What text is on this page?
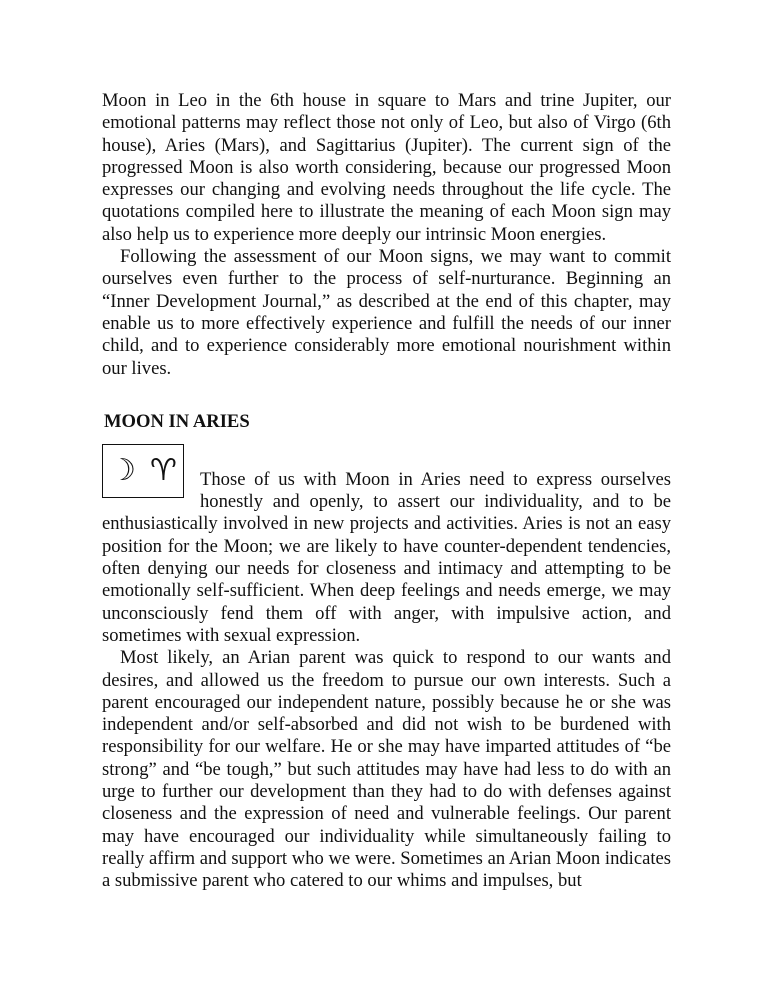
Moon in Leo in the 6th house in square to Mars and trine Jupiter, our emotional patterns may reflect those not only of Leo, but also of Virgo (6th house), Aries (Mars), and Sagittarius (Jupiter). The current sign of the progressed Moon is also worth considering, because our progressed Moon expresses our changing and evolving needs throughout the life cycle. The quotations compiled here to illustrate the meaning of each Moon sign may also help us to experience more deeply our intrinsic Moon energies.

Following the assessment of our Moon signs, we may want to commit ourselves even further to the process of self-nurturance. Beginning an “Inner Development Journal,” as described at the end of this chapter, may enable us to more effectively experience and fulfill the needs of our inner child, and to experience considerably more emotional nourishment within our lives.

MOON IN ARIES
☽ ♈	Those of us with Moon in Aries need to express ourselves honestly and openly, to assert our individuality, and to be enthusiastically involved in new projects and activities. Aries is not an easy position for the Moon; we are likely to have counter-dependent tendencies, often denying our needs for closeness and intimacy and attempting to be emotionally self-sufficient. When deep feelings and needs emerge, we may unconsciously fend them off with anger, with impulsive action, and sometimes with sexual expression.

Most likely, an Arian parent was quick to respond to our wants and desires, and allowed us the freedom to pursue our own interests. Such a parent encouraged our independent nature, possibly because he or she was independent and/or self-absorbed and did not wish to be burdened with responsibility for our welfare. He or she may have imparted attitudes of “be strong” and “be tough,” but such attitudes may have had less to do with an urge to further our development than they had to do with defenses against closeness and the expression of need and vulnerable feelings. Our parent may have encouraged our individuality while simultaneously failing to really affirm and support who we were. Sometimes an Arian Moon indicates a submissive parent who catered to our whims and impulses, but
